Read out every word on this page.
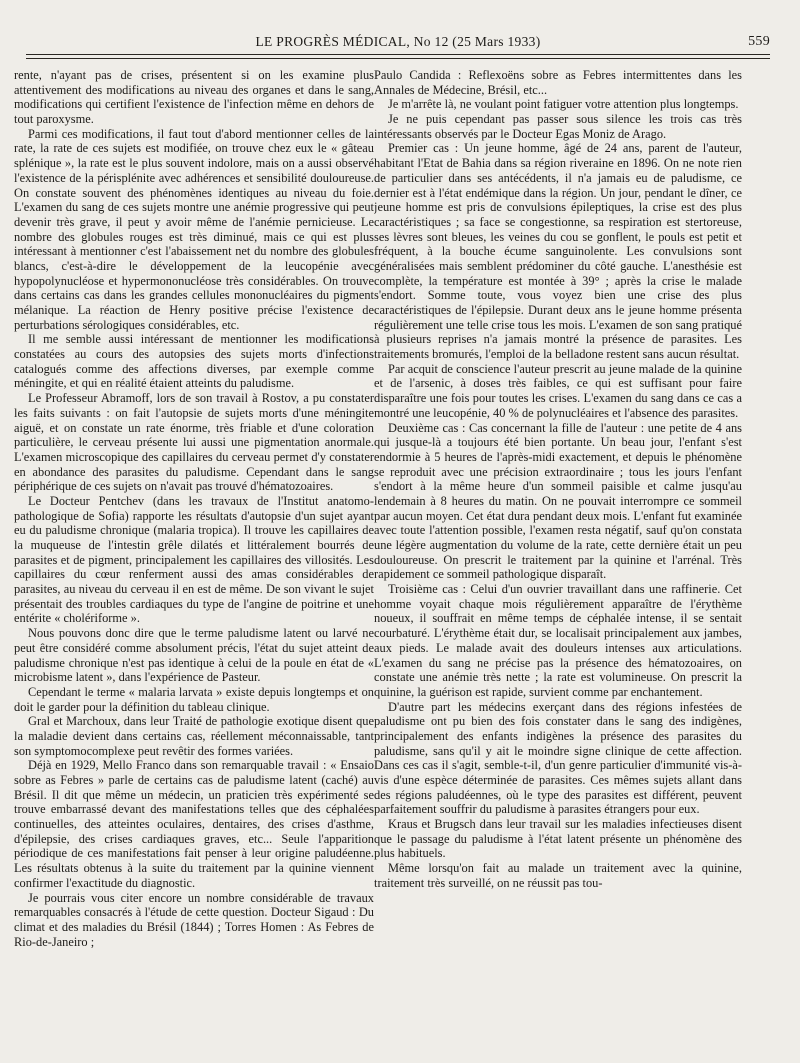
LE PROGRÈS MÉDICAL, No 12 (25 Mars 1933)	559

rente, n'ayant pas de crises, présentent si on les examine plus attentivement des modifications au niveau des organes et dans le sang, modifications qui certifient l'existence de l'infection même en dehors de tout paroxysme.

Parmi ces modifications, il faut tout d'abord mentionner celles de la rate, la rate de ces sujets est modifiée, on trouve chez eux le « gâteau splénique », la rate est le plus souvent indolore, mais on a aussi observé l'existence de la périsplénite avec adhérences et sensibilité douloureuse. On constate souvent des phénomènes identiques au niveau du foie. L'examen du sang de ces sujets montre une anémie progressive qui peut devenir très grave, il peut y avoir même de l'anémie pernicieuse. Le nombre des globules rouges est très diminué, mais ce qui est plus intéressant à mentionner c'est l'abaissement net du nombre des globules blancs, c'est-à-dire le développement de la leucopénie avec hypopolynucléose et hypermononucléose très considérables. On trouve dans certains cas dans les grandes cellules mononucléaires du pigment mélanique. La réaction de Henry positive précise l'existence de perturbations sérologiques considérables, etc.

Il me semble aussi intéressant de mentionner les modifications constatées au cours des autopsies des sujets morts d'infections catalogués comme des affections diverses, par exemple comme méningite, et qui en réalité étaient atteints du paludisme.

Le Professeur Abramoff, lors de son travail à Rostov, a pu constater les faits suivants : on fait l'autopsie de sujets morts d'une méningite aiguë, et on constate un rate énorme, très friable et d'une coloration particulière, le cerveau présente lui aussi une pigmentation anormale. L'examen microscopique des capillaires du cerveau permet d'y constater en abondance des parasites du paludisme. Cependant dans le sang périphérique de ces sujets on n'avait pas trouvé d'hématozoaires.

Le Docteur Pentchev (dans les travaux de l'Institut anatomo-pathologique de Sofia) rapporte les résultats d'autopsie d'un sujet ayant eu du paludisme chronique (malaria tropica). Il trouve les capillaires de la muqueuse de l'intestin grêle dilatés et littéralement bourrés de parasites et de pigment, principalement les capillaires des villosités. Les capillaires du cœur renferment aussi des amas considérables de parasites, au niveau du cerveau il en est de même. De son vivant le sujet présentait des troubles cardiaques du type de l'angine de poitrine et une entérite « cholériforme ».

Nous pouvons donc dire que le terme paludisme latent ou larvé ne peut être considéré comme absolument précis, l'état du sujet atteint de paludisme chronique n'est pas identique à celui de la poule en état de « microbisme latent », dans l'expérience de Pasteur.

Cependant le terme « malaria larvata » existe depuis longtemps et on doit le garder pour la définition du tableau clinique.

Gral et Marchoux, dans leur Traité de pathologie exotique disent que la maladie devient dans certains cas, réellement méconnaissable, tant son symptomocomplexe peut revêtir des formes variées.

Déjà en 1929, Mello Franco dans son remarquable travail : « Ensaio sobre as Febres » parle de certains cas de paludisme latent (caché) au Brésil. Il dit que même un médecin, un praticien très expérimenté se trouve embarrassé devant des manifestations telles que des céphalées continuelles, des atteintes oculaires, dentaires, des crises d'asthme, d'épilepsie, des crises cardiaques graves, etc... Seule l'apparition périodique de ces manifestations fait penser à leur origine paludéenne. Les résultats obtenus à la suite du traitement par la quinine viennent confirmer l'exactitude du diagnostic.

Je pourrais vous citer encore un nombre considérable de travaux remarquables consacrés à l'étude de cette question. Docteur Sigaud : Du climat et des maladies du Brésil (1844) ; Torres Homen : As Febres de Rio-de-Janeiro ;

Paulo Candida : Reflexoëns sobre as Febres intermittentes dans les Annales de Médecine, Brésil, etc...

Je m'arrête là, ne voulant point fatiguer votre attention plus longtemps.

Je ne puis cependant pas passer sous silence les trois cas très intéressants observés par le Docteur Egas Moniz de Arago.

Premier cas : Un jeune homme, âgé de 24 ans, parent de l'auteur, habitant l'Etat de Bahia dans sa région riveraine en 1896. On ne note rien de particulier dans ses antécédents, il n'a jamais eu de paludisme, ce dernier est à l'état endémique dans la région. Un jour, pendant le dîner, ce jeune homme est pris de convulsions épileptiques, la crise est des plus caractéristiques ; sa face se congestionne, sa respiration est stertoreuse, ses lèvres sont bleues, les veines du cou se gonflent, le pouls est petit et fréquent, à la bouche écume sanguinolente. Les convulsions sont généralisées mais semblent prédominer du côté gauche. L'anesthésie est complète, la température est montée à 39° ; après la crise le malade s'endort. Somme toute, vous voyez bien une crise des plus caractéristiques de l'épilepsie. Durant deux ans le jeune homme présenta régulièrement une telle crise tous les mois. L'examen de son sang pratiqué à plusieurs reprises n'a jamais montré la présence de parasites. Les traitements bromurés, l'emploi de la belladone restent sans aucun résultat.

Par acquit de conscience l'auteur prescrit au jeune malade de la quinine et de l'arsenic, à doses très faibles, ce qui est suffisant pour faire disparaître une fois pour toutes les crises. L'examen du sang dans ce cas a montré une leucopénie, 40 % de polynucléaires et l'absence des parasites.

Deuxième cas : Cas concernant la fille de l'auteur : une petite de 4 ans qui jusque-là a toujours été bien portante. Un beau jour, l'enfant s'est endormie à 5 heures de l'après-midi exactement, et depuis le phénomène se reproduit avec une précision extraordinaire ; tous les jours l'enfant s'endort à la même heure d'un sommeil paisible et calme jusqu'au lendemain à 8 heures du matin. On ne pouvait interrompre ce sommeil par aucun moyen. Cet état dura pendant deux mois. L'enfant fut examinée avec toute l'attention possible, l'examen resta négatif, sauf qu'on constata une légère augmentation du volume de la rate, cette dernière était un peu douloureuse. On prescrit le traitement par la quinine et l'arrénal. Très rapidement ce sommeil pathologique disparaît.

Troisième cas : Celui d'un ouvrier travaillant dans une raffinerie. Cet homme voyait chaque mois régulièrement apparaître de l'érythème noueux, il souffrait en même temps de céphalée intense, il se sentait courbaturé. L'érythème était dur, se localisait principalement aux jambes, aux pieds. Le malade avait des douleurs intenses aux articulations. L'examen du sang ne précise pas la présence des hématozoaires, on constate une anémie très nette ; la rate est volumineuse. On prescrit la quinine, la guérison est rapide, survient comme par enchantement.

D'autre part les médecins exerçant dans des régions infestées de paludisme ont pu bien des fois constater dans le sang des indigènes, principalement des enfants indigènes la présence des parasites du paludisme, sans qu'il y ait le moindre signe clinique de cette affection. Dans ces cas il s'agit, semble-t-il, d'un genre particulier d'immunité vis-à-vis d'une espèce déterminée de parasites. Ces mêmes sujets allant dans des régions paludéennes, où le type des parasites est différent, peuvent parfaitement souffrir du paludisme à parasites étrangers pour eux.

Kraus et Brugsch dans leur travail sur les maladies infectieuses disent que le passage du paludisme à l'état latent présente un phénomène des plus habituels.

Même lorsqu'on fait au malade un traitement avec la quinine, traitement très surveillé, on ne réussit pas tou-
